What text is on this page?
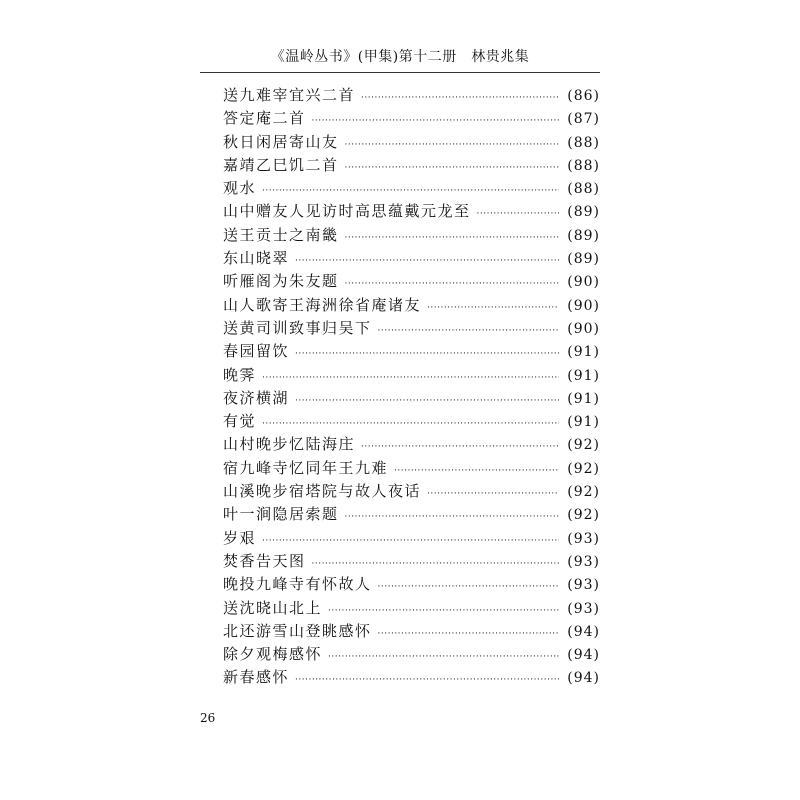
《温岭丛书》(甲集)第十二册　林贵兆集
送九难宰宜兴二首 ·····	(86)
答定庵二首 ·····	(87)
秋日闲居寄山友 ·····	(88)
嘉靖乙巳饥二首 ·····	(88)
观水 ·····	(88)
山中赠友人见访时高思蕴戴元龙至 ·····	(89)
送王贡士之南畿 ·····	(89)
东山晓翠 ·····	(89)
听雁阁为朱友题 ·····	(90)
山人歌寄王海洲徐省庵诸友 ·····	(90)
送黄司训致事归吴下 ·····	(90)
春园留饮 ·····	(91)
晚霁 ·····	(91)
夜济横湖 ·····	(91)
有觉 ·····	(91)
山村晚步忆陆海庄 ·····	(92)
宿九峰寺忆同年王九难 ·····	(92)
山溪晚步宿塔院与故人夜话 ·····	(92)
叶一涧隐居索题 ·····	(92)
岁艰 ·····	(93)
焚香告天图 ·····	(93)
晚投九峰寺有怀故人 ·····	(93)
送沈晓山北上 ·····	(93)
北还游雪山登眺感怀 ·····	(94)
除夕观梅感怀 ·····	(94)
新春感怀 ·····	(94)
26
